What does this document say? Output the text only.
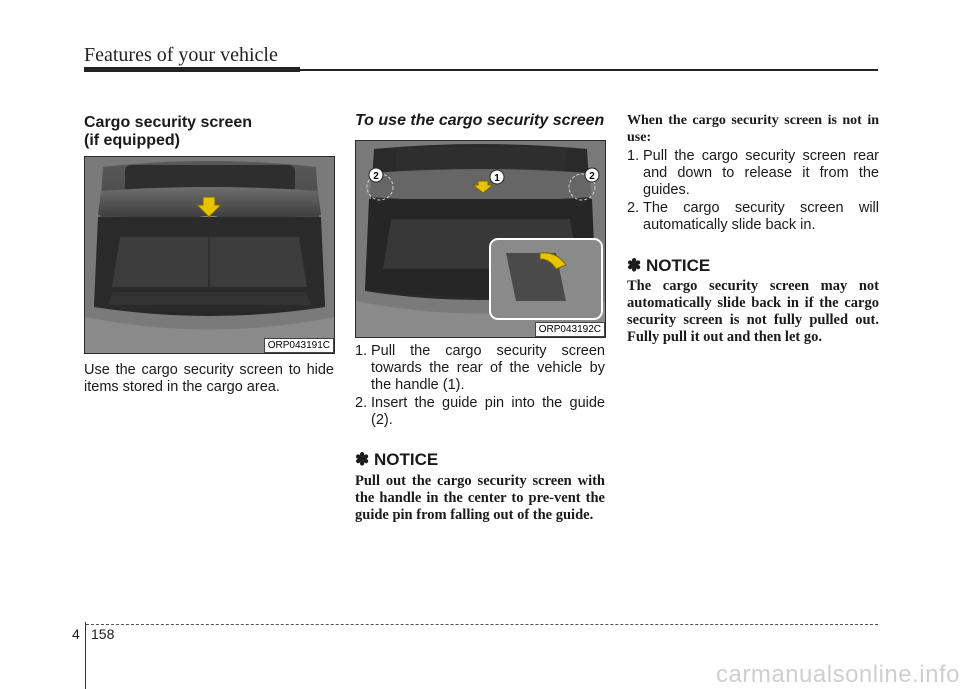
Features of your vehicle
Cargo security screen
(if equipped)
ORP043191C
Use the cargo security screen to hide items stored in the cargo area.
To use the cargo security screen
2	1	2
ORP043192C
1. Pull the cargo security screen towards the rear of the vehicle by the handle (1).
2. Insert the guide pin into the guide (2).
✽ NOTICE
Pull out the cargo security screen with the handle in the center to pre-vent the guide pin from falling out of the guide.
When the cargo security screen is not in use:
1. Pull the cargo security screen rear and down to release it from the guides.
2. The cargo security screen will automatically slide back in.
✽ NOTICE
The cargo security screen may not automatically slide back in if the cargo security screen is not fully pulled out. Fully pull it out and then let go.
4 158
carmanualsonline.info
